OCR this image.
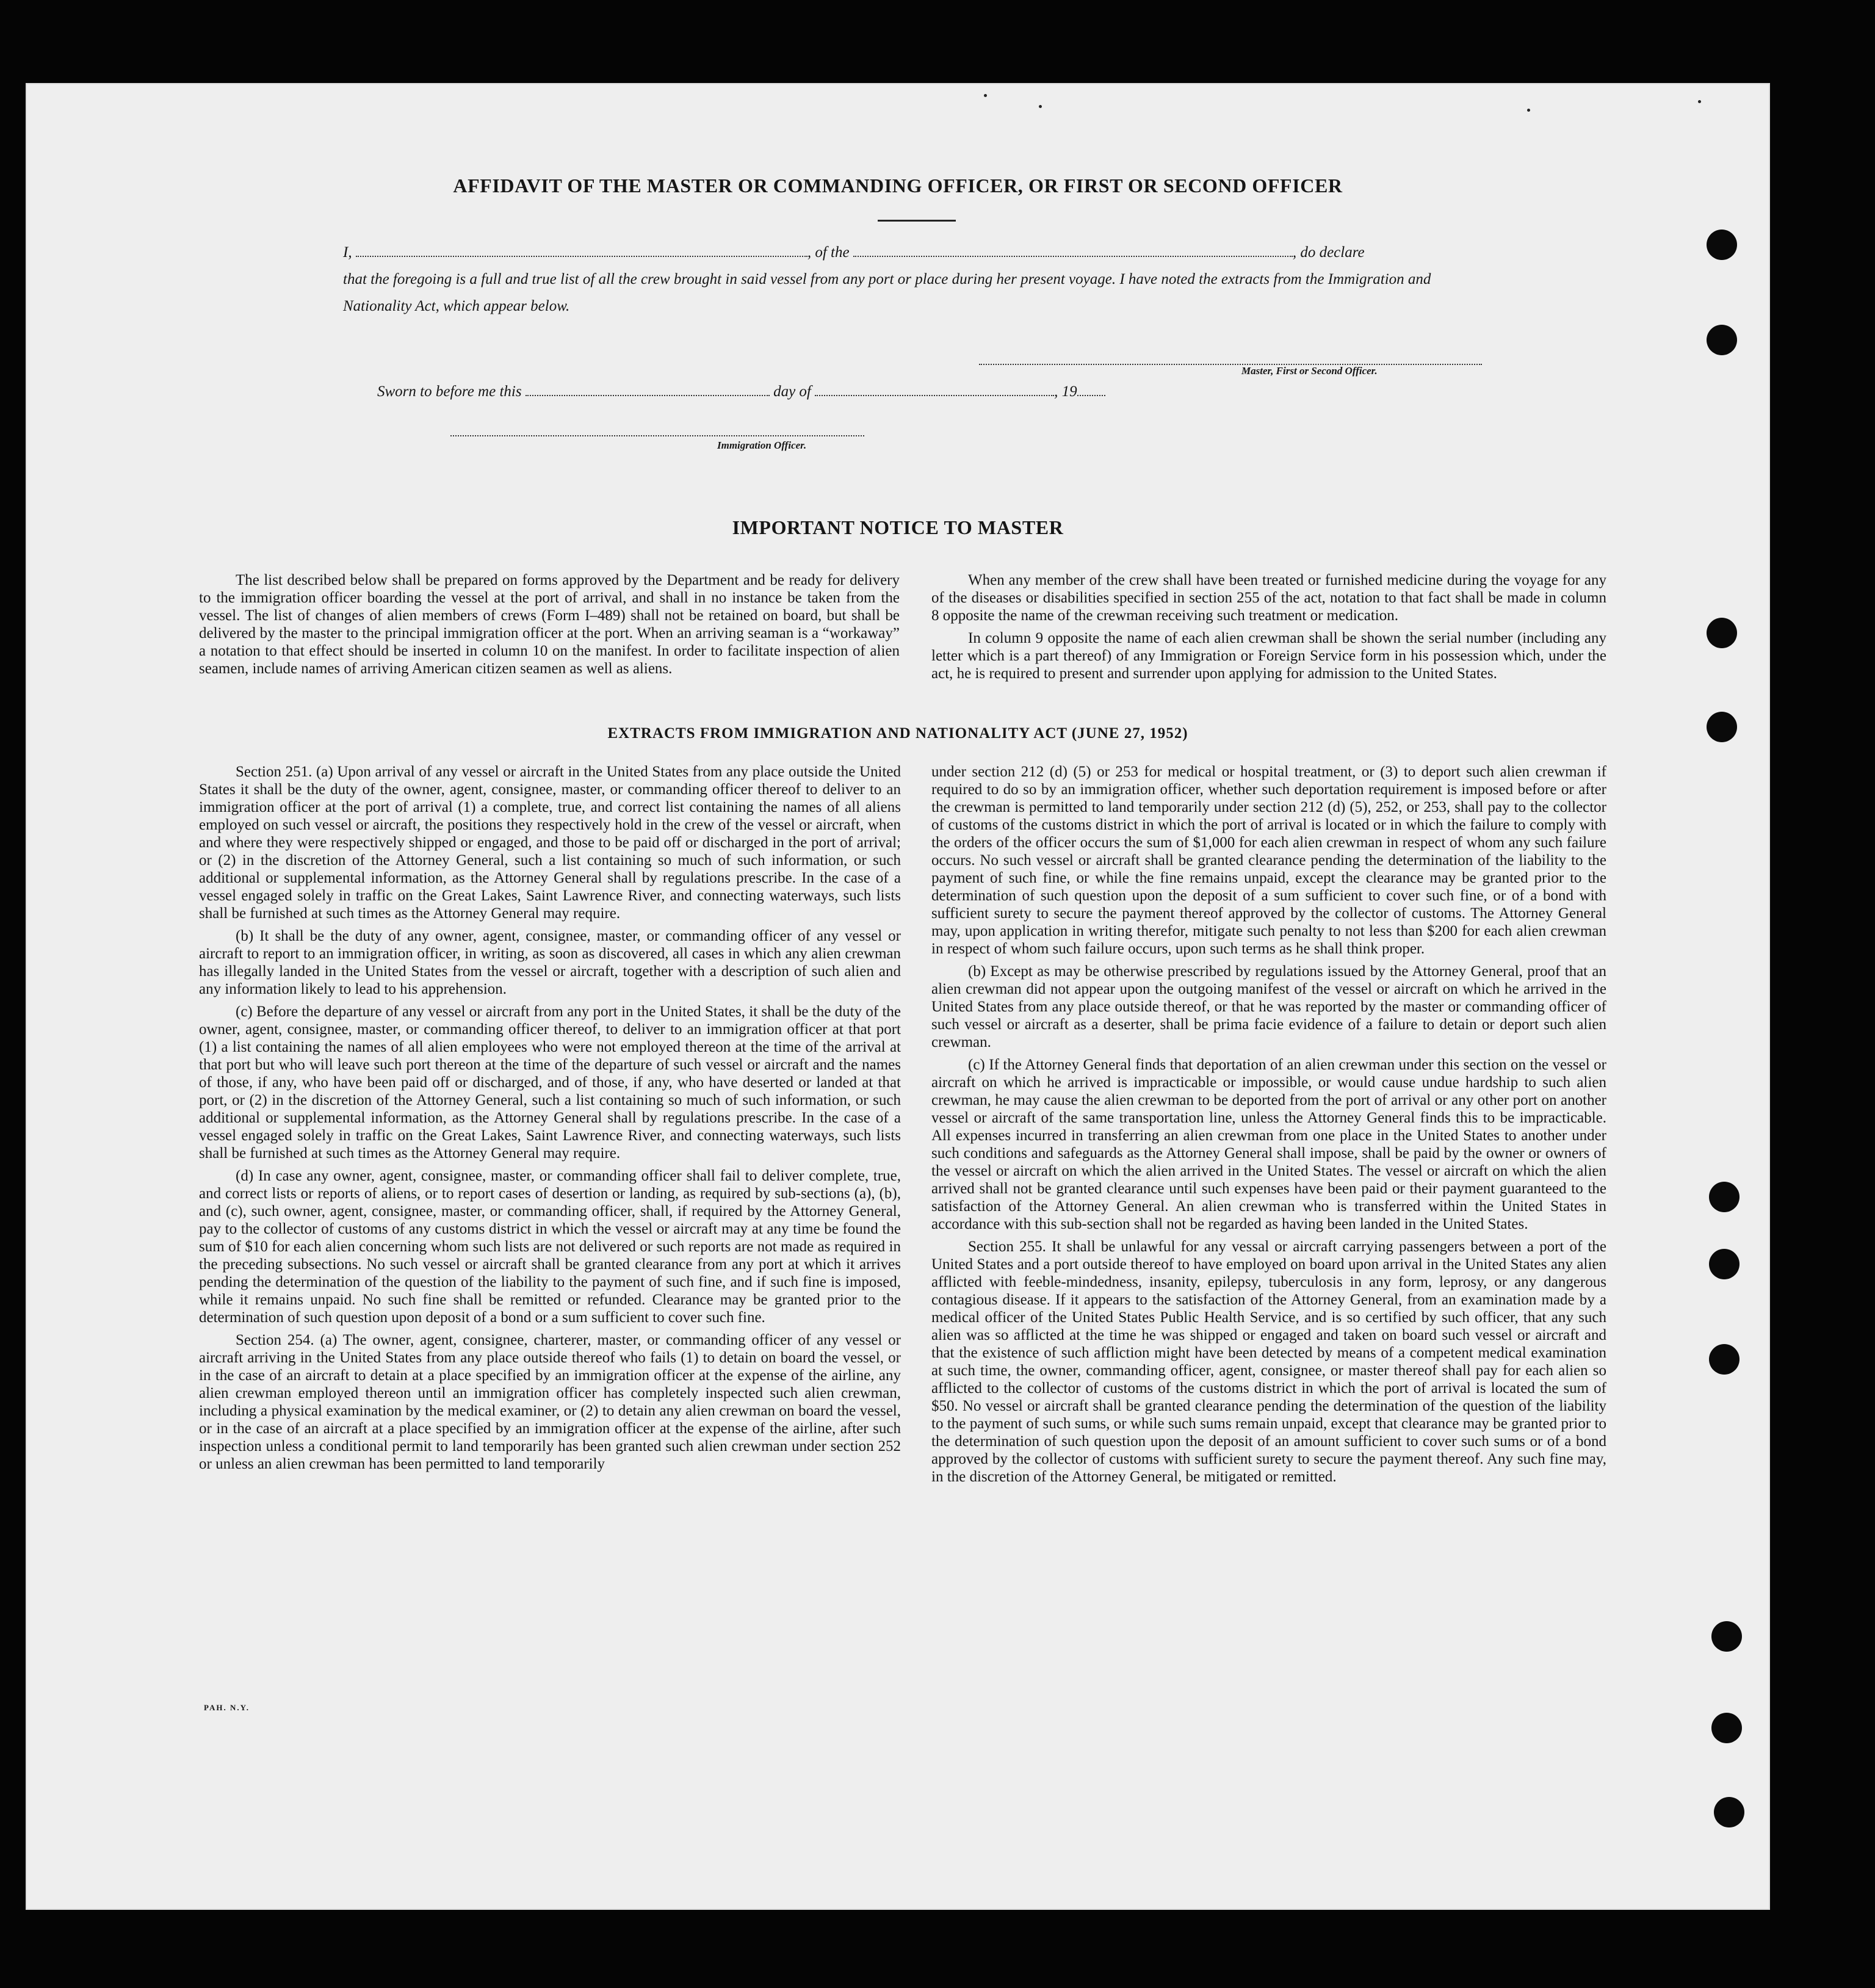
AFFIDAVIT OF THE MASTER OR COMMANDING OFFICER, OR FIRST OR SECOND OFFICER
I,	, of the	, do declare
that the foregoing is a full and true list of all the crew brought in said vessel from any port or place during her present voyage. I have noted the extracts from the Immigration and Nationality Act, which appear below.
Master, First or Second Officer.
Sworn to before me this	day of	, 19
Immigration Officer.
IMPORTANT NOTICE TO MASTER

The list described below shall be prepared on forms approved by the Department and be ready for delivery to the immigration officer boarding the vessel at the port of arrival, and shall in no instance be taken from the vessel. The list of changes of alien members of crews (Form I–489) shall not be retained on board, but shall be delivered by the master to the principal immigration officer at the port. When an arriving seaman is a “workaway” a notation to that effect should be inserted in column 10 on the manifest. In order to facilitate inspection of alien seamen, include names of arriving American citizen seamen as well as aliens.

When any member of the crew shall have been treated or furnished medicine during the voyage for any of the diseases or disabilities specified in section 255 of the act, notation to that fact shall be made in column 8 opposite the name of the crewman receiving such treatment or medication.

In column 9 opposite the name of each alien crewman shall be shown the serial number (including any letter which is a part thereof) of any Immigration or Foreign Service form in his possession which, under the act, he is required to present and surrender upon applying for admission to the United States.

EXTRACTS FROM IMMIGRATION AND NATIONALITY ACT (JUNE 27, 1952)

Section 251. (a) Upon arrival of any vessel or aircraft in the United States from any place outside the United States it shall be the duty of the owner, agent, consignee, master, or commanding officer thereof to deliver to an immigration officer at the port of arrival (1) a complete, true, and correct list containing the names of all aliens employed on such vessel or aircraft, the positions they respectively hold in the crew of the vessel or aircraft, when and where they were respectively shipped or engaged, and those to be paid off or discharged in the port of arrival; or (2) in the discretion of the Attorney General, such a list containing so much of such information, or such additional or supplemental information, as the Attorney General shall by regulations prescribe. In the case of a vessel engaged solely in traffic on the Great Lakes, Saint Lawrence River, and connecting waterways, such lists shall be furnished at such times as the Attorney General may require.

(b) It shall be the duty of any owner, agent, consignee, master, or commanding officer of any vessel or aircraft to report to an immigration officer, in writing, as soon as discovered, all cases in which any alien crewman has illegally landed in the United States from the vessel or aircraft, together with a description of such alien and any information likely to lead to his apprehension.

(c) Before the departure of any vessel or aircraft from any port in the United States, it shall be the duty of the owner, agent, consignee, master, or commanding officer thereof, to deliver to an immigration officer at that port (1) a list containing the names of all alien employees who were not employed thereon at the time of the arrival at that port but who will leave such port thereon at the time of the departure of such vessel or aircraft and the names of those, if any, who have been paid off or discharged, and of those, if any, who have deserted or landed at that port, or (2) in the discretion of the Attorney General, such a list containing so much of such information, or such additional or supplemental information, as the Attorney General shall by regulations prescribe. In the case of a vessel engaged solely in traffic on the Great Lakes, Saint Lawrence River, and connecting waterways, such lists shall be furnished at such times as the Attorney General may require.

(d) In case any owner, agent, consignee, master, or commanding officer shall fail to deliver complete, true, and correct lists or reports of aliens, or to report cases of desertion or landing, as required by sub-sections (a), (b), and (c), such owner, agent, consignee, master, or commanding officer, shall, if required by the Attorney General, pay to the collector of customs of any customs district in which the vessel or aircraft may at any time be found the sum of $10 for each alien concerning whom such lists are not delivered or such reports are not made as required in the preceding subsections. No such vessel or aircraft shall be granted clearance from any port at which it arrives pending the determination of the question of the liability to the payment of such fine, and if such fine is imposed, while it remains unpaid. No such fine shall be remitted or refunded. Clearance may be granted prior to the determination of such question upon deposit of a bond or a sum sufficient to cover such fine.

Section 254. (a) The owner, agent, consignee, charterer, master, or commanding officer of any vessel or aircraft arriving in the United States from any place outside thereof who fails (1) to detain on board the vessel, or in the case of an aircraft to detain at a place specified by an immigration officer at the expense of the airline, any alien crewman employed thereon until an immigration officer has completely inspected such alien crewman, including a physical examination by the medical examiner, or (2) to detain any alien crewman on board the vessel, or in the case of an aircraft at a place specified by an immigration officer at the expense of the airline, after such inspection unless a conditional permit to land temporarily has been granted such alien crewman under section 252 or unless an alien crewman has been permitted to land temporarily

under section 212 (d) (5) or 253 for medical or hospital treatment, or (3) to deport such alien crewman if required to do so by an immigration officer, whether such deportation requirement is imposed before or after the crewman is permitted to land temporarily under section 212 (d) (5), 252, or 253, shall pay to the collector of customs of the customs district in which the port of arrival is located or in which the failure to comply with the orders of the officer occurs the sum of $1,000 for each alien crewman in respect of whom any such failure occurs. No such vessel or aircraft shall be granted clearance pending the determination of the liability to the payment of such fine, or while the fine remains unpaid, except the clearance may be granted prior to the determination of such question upon the deposit of a sum sufficient to cover such fine, or of a bond with sufficient surety to secure the payment thereof approved by the collector of customs. The Attorney General may, upon application in writing therefor, mitigate such penalty to not less than $200 for each alien crewman in respect of whom such failure occurs, upon such terms as he shall think proper.

(b) Except as may be otherwise prescribed by regulations issued by the Attorney General, proof that an alien crewman did not appear upon the outgoing manifest of the vessel or aircraft on which he arrived in the United States from any place outside thereof, or that he was reported by the master or commanding officer of such vessel or aircraft as a deserter, shall be prima facie evidence of a failure to detain or deport such alien crewman.

(c) If the Attorney General finds that deportation of an alien crewman under this section on the vessel or aircraft on which he arrived is impracticable or impossible, or would cause undue hardship to such alien crewman, he may cause the alien crewman to be deported from the port of arrival or any other port on another vessel or aircraft of the same transportation line, unless the Attorney General finds this to be impracticable. All expenses incurred in transferring an alien crewman from one place in the United States to another under such conditions and safeguards as the Attorney General shall impose, shall be paid by the owner or owners of the vessel or aircraft on which the alien arrived in the United States. The vessel or aircraft on which the alien arrived shall not be granted clearance until such expenses have been paid or their payment guaranteed to the satisfaction of the Attorney General. An alien crewman who is transferred within the United States in accordance with this sub-section shall not be regarded as having been landed in the United States.

Section 255. It shall be unlawful for any vessal or aircraft carrying passengers between a port of the United States and a port outside thereof to have employed on board upon arrival in the United States any alien afflicted with feeble-mindedness, insanity, epilepsy, tuberculosis in any form, leprosy, or any dangerous contagious disease. If it appears to the satisfaction of the Attorney General, from an examination made by a medical officer of the United States Public Health Service, and is so certified by such officer, that any such alien was so afflicted at the time he was shipped or engaged and taken on board such vessel or aircraft and that the existence of such affliction might have been detected by means of a competent medical examination at such time, the owner, commanding officer, agent, consignee, or master thereof shall pay for each alien so afflicted to the collector of customs of the customs district in which the port of arrival is located the sum of $50. No vessel or aircraft shall be granted clearance pending the determination of the question of the liability to the payment of such sums, or while such sums remain unpaid, except that clearance may be granted prior to the determination of such question upon the deposit of an amount sufficient to cover such sums or of a bond approved by the collector of customs with sufficient surety to secure the payment thereof. Any such fine may, in the discretion of the Attorney General, be mitigated or remitted.

PAH. N.Y.
